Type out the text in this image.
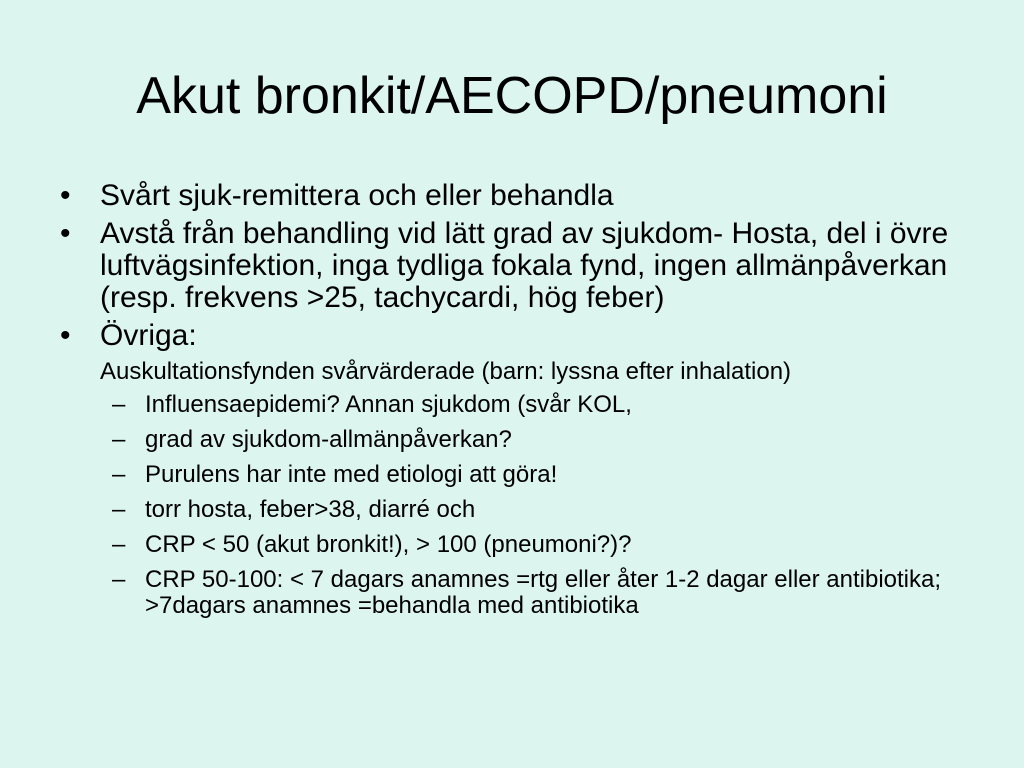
Akut bronkit/AECOPD/pneumoni
• Svårt sjuk-remittera och eller behandla
• Avstå från behandling vid lätt grad av sjukdom- Hosta, del i övre luftvägsinfektion, inga tydliga fokala fynd, ingen allmänpåverkan (resp. frekvens >25, tachycardi, hög feber)
• Övriga:
Auskultationsfynden svårvärderade (barn: lyssna efter inhalation)
– Influensaepidemi? Annan sjukdom (svår KOL,
– grad av sjukdom-allmänpåverkan?
– Purulens har inte med etiologi att göra!
– torr hosta, feber>38, diarré och
– CRP < 50 (akut bronkit!), > 100 (pneumoni?)?
– CRP 50-100: < 7 dagars anamnes =rtg eller åter 1-2 dagar eller antibiotika; >7dagars anamnes =behandla med antibiotika
